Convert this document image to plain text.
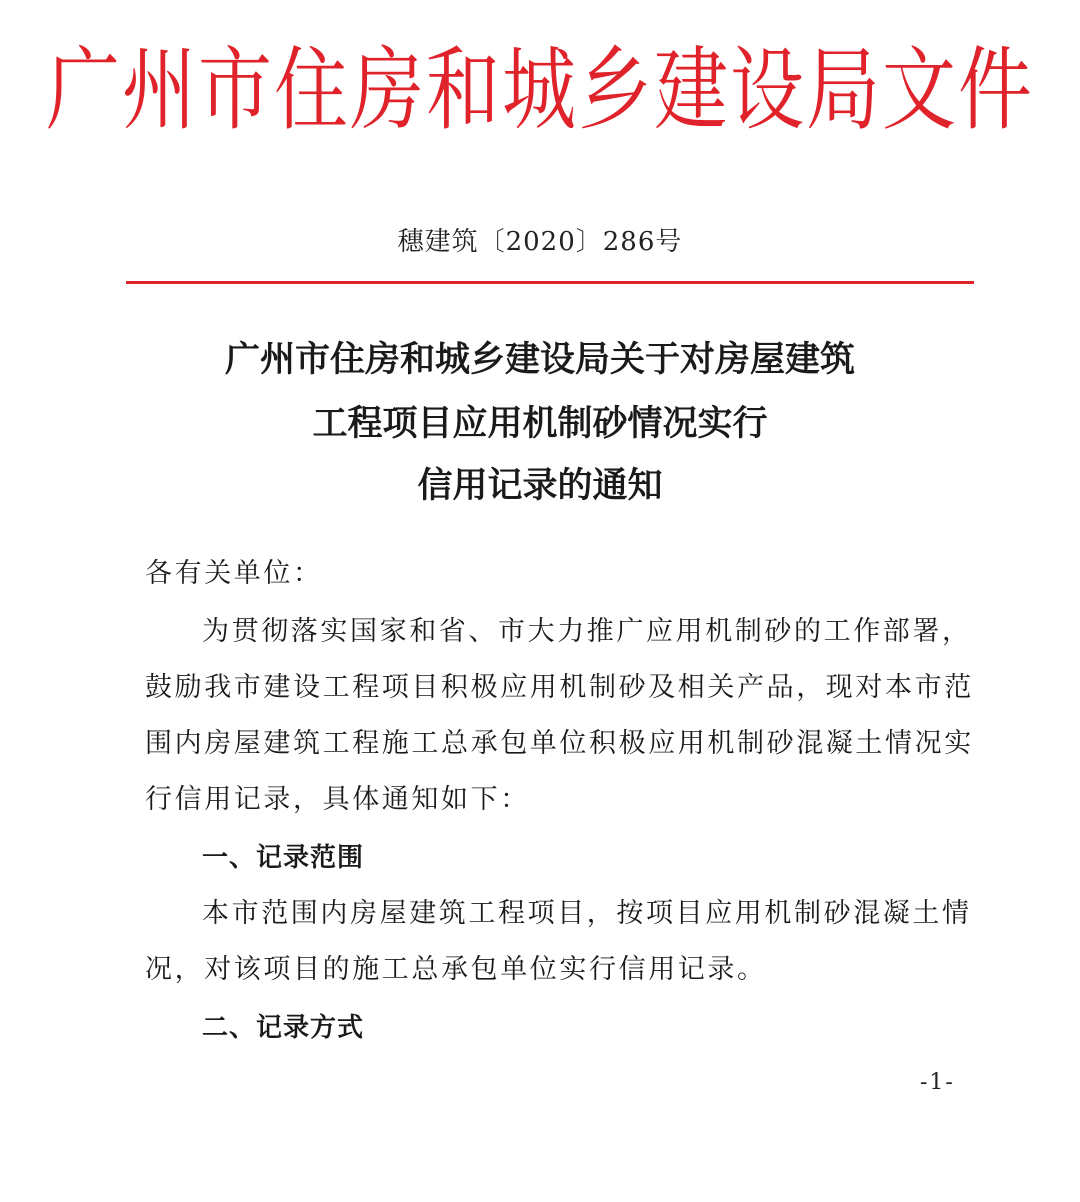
广州市住房和城乡建设局文件
穗建筑〔2020〕286号
广州市住房和城乡建设局关于对房屋建筑
工程项目应用机制砂情况实行
信用记录的通知
各有关单位：
为贯彻落实国家和省、市大力推广应用机制砂的工作部署，
鼓励我市建设工程项目积极应用机制砂及相关产品，现对本市范
围内房屋建筑工程施工总承包单位积极应用机制砂混凝土情况实
行信用记录，具体通知如下：
一、记录范围
本市范围内房屋建筑工程项目，按项目应用机制砂混凝土情
况，对该项目的施工总承包单位实行信用记录。
二、记录方式
-1-
